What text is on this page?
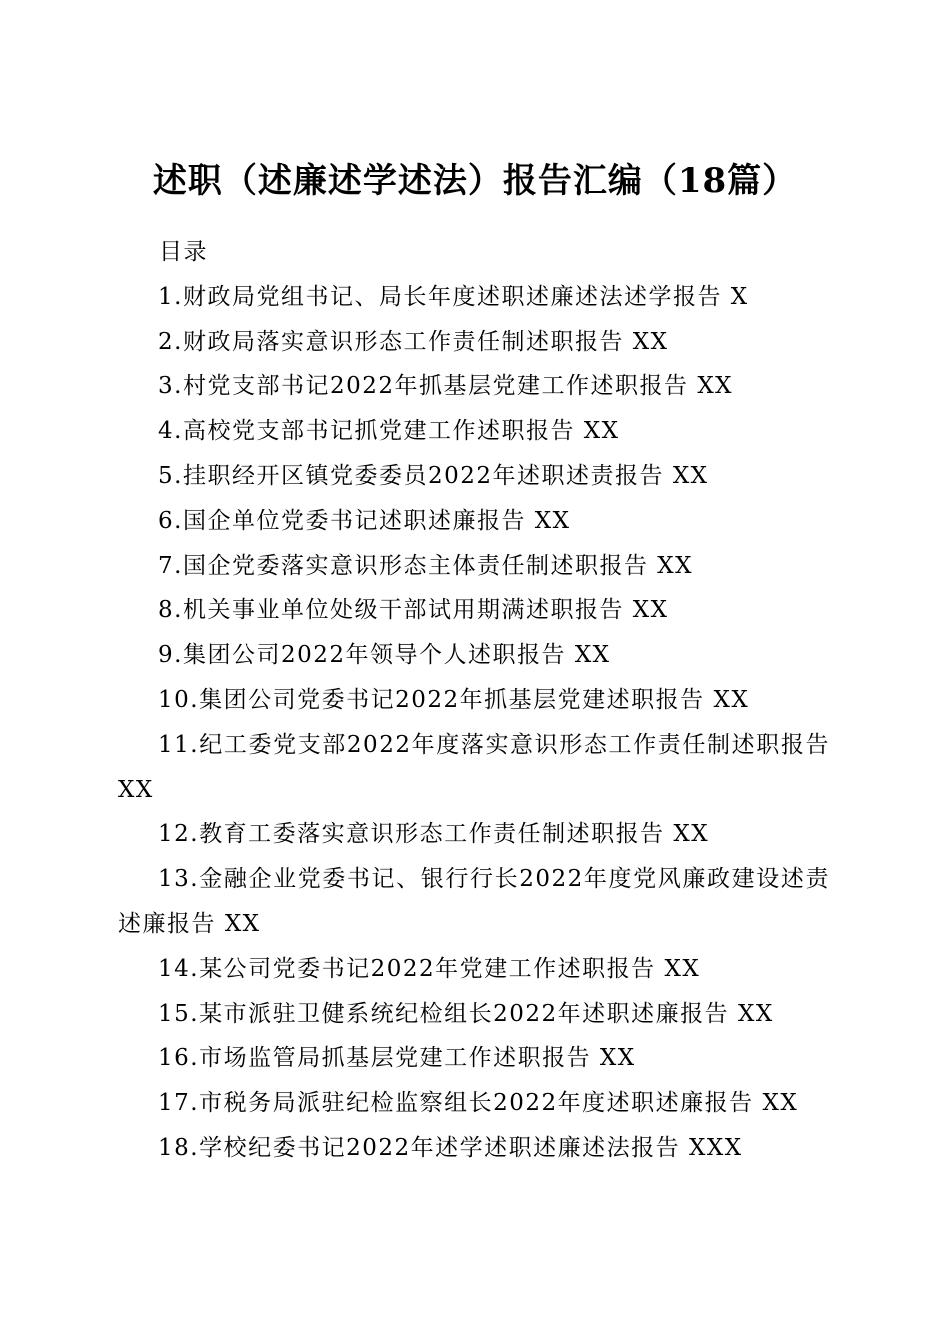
述职（述廉述学述法）报告汇编（18篇）

目录

1.财政局党组书记、局长年度述职述廉述法述学报告 X
2.财政局落实意识形态工作责任制述职报告 XX
3.村党支部书记2022年抓基层党建工作述职报告 XX
4.高校党支部书记抓党建工作述职报告 XX
5.挂职经开区镇党委委员2022年述职述责报告 XX
6.国企单位党委书记述职述廉报告 XX
7.国企党委落实意识形态主体责任制述职报告 XX
8.机关事业单位处级干部试用期满述职报告 XX
9.集团公司2022年领导个人述职报告 XX
10.集团公司党委书记2022年抓基层党建述职报告 XX
11.纪工委党支部2022年度落实意识形态工作责任制述职报告 XX
12.教育工委落实意识形态工作责任制述职报告 XX
13.金融企业党委书记、银行行长2022年度党风廉政建设述责述廉报告 XX
14.某公司党委书记2022年党建工作述职报告 XX
15.某市派驻卫健系统纪检组长2022年述职述廉报告 XX
16.市场监管局抓基层党建工作述职报告 XX
17.市税务局派驻纪检监察组长2022年度述职述廉报告 XX
18.学校纪委书记2022年述学述职述廉述法报告 XXX
